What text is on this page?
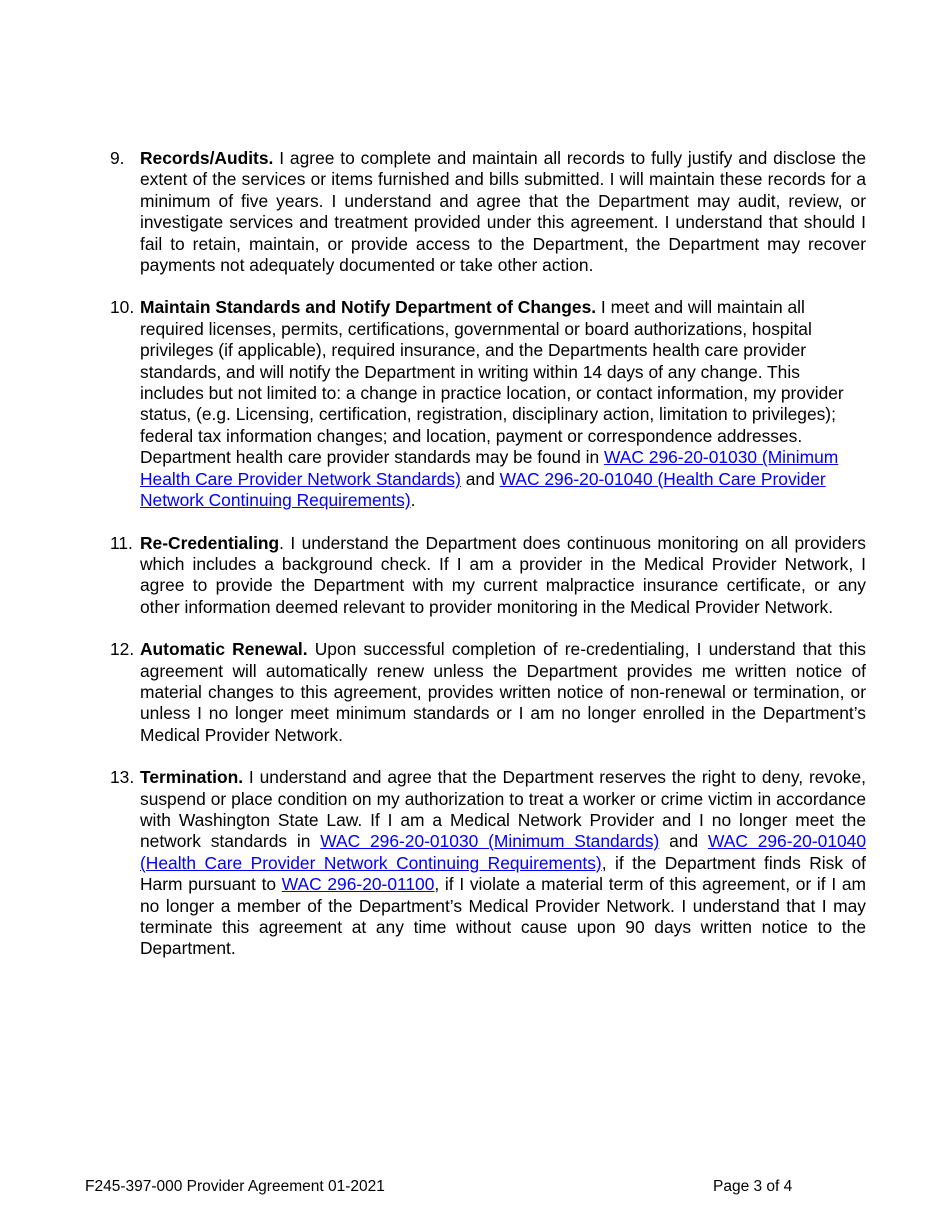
9. Records/Audits. I agree to complete and maintain all records to fully justify and disclose the extent of the services or items furnished and bills submitted. I will maintain these records for a minimum of five years. I understand and agree that the Department may audit, review, or investigate services and treatment provided under this agreement. I understand that should I fail to retain, maintain, or provide access to the Department, the Department may recover payments not adequately documented or take other action.
10. Maintain Standards and Notify Department of Changes. I meet and will maintain all required licenses, permits, certifications, governmental or board authorizations, hospital privileges (if applicable), required insurance, and the Departments health care provider standards, and will notify the Department in writing within 14 days of any change. This includes but not limited to: a change in practice location, or contact information, my provider status, (e.g. Licensing, certification, registration, disciplinary action, limitation to privileges); federal tax information changes; and location, payment or correspondence addresses. Department health care provider standards may be found in WAC 296-20-01030 (Minimum Health Care Provider Network Standards) and WAC 296-20-01040 (Health Care Provider Network Continuing Requirements).
11. Re-Credentialing. I understand the Department does continuous monitoring on all providers which includes a background check. If I am a provider in the Medical Provider Network, I agree to provide the Department with my current malpractice insurance certificate, or any other information deemed relevant to provider monitoring in the Medical Provider Network.
12. Automatic Renewal. Upon successful completion of re-credentialing, I understand that this agreement will automatically renew unless the Department provides me written notice of material changes to this agreement, provides written notice of non-renewal or termination, or unless I no longer meet minimum standards or I am no longer enrolled in the Department’s Medical Provider Network.
13. Termination. I understand and agree that the Department reserves the right to deny, revoke, suspend or place condition on my authorization to treat a worker or crime victim in accordance with Washington State Law. If I am a Medical Network Provider and I no longer meet the network standards in WAC 296-20-01030 (Minimum Standards) and WAC 296-20-01040 (Health Care Provider Network Continuing Requirements), if the Department finds Risk of Harm pursuant to WAC 296-20-01100, if I violate a material term of this agreement, or if I am no longer a member of the Department’s Medical Provider Network. I understand that I may terminate this agreement at any time without cause upon 90 days written notice to the Department.
F245-397-000 Provider Agreement 01-2021	Page 3 of 4
